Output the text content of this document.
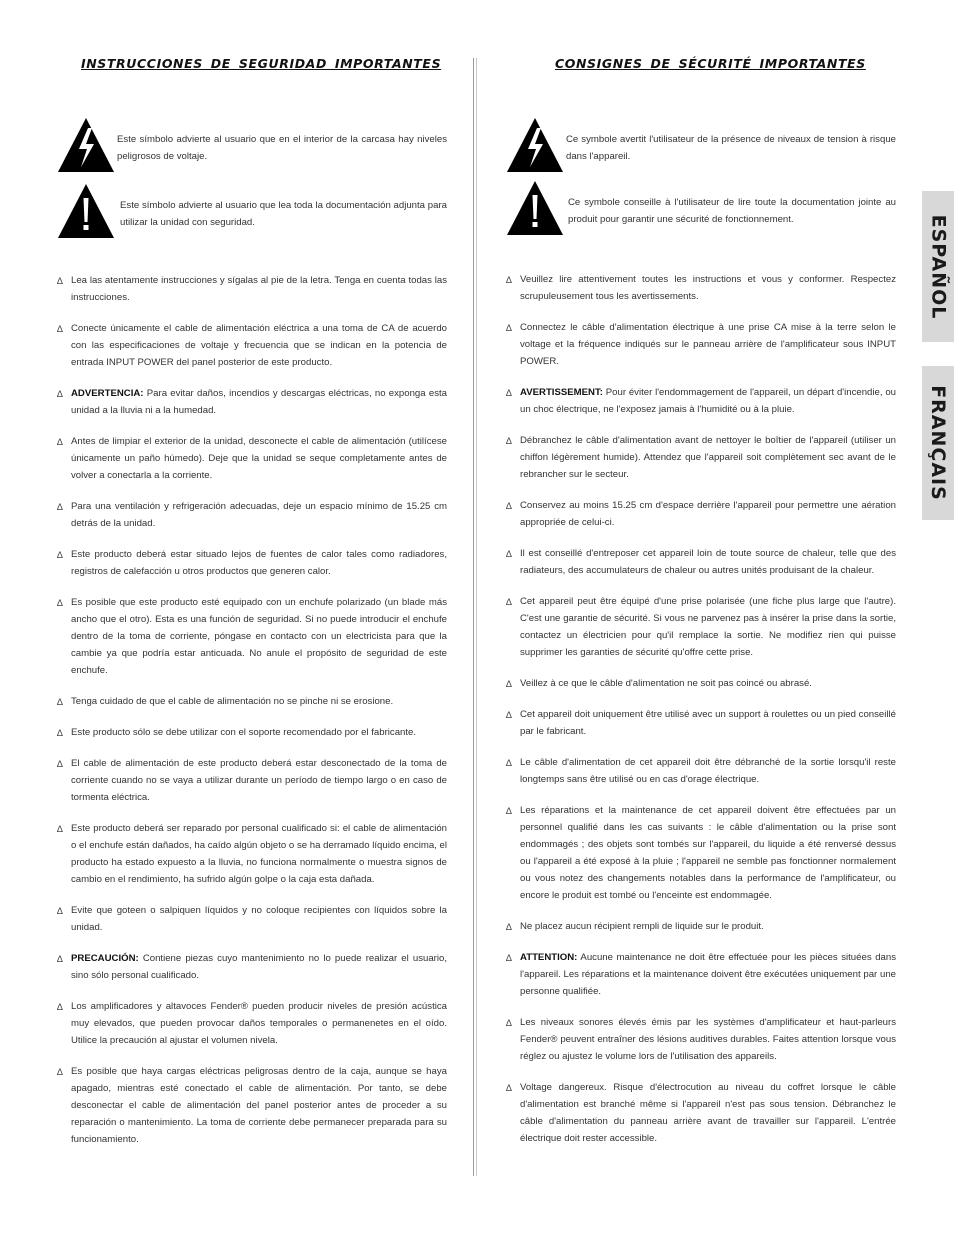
INSTRUCCIONES DE SEGURIDAD IMPORTANTES
Este símbolo advierte al usuario que en el interior de la carcasa hay niveles peligrosos de voltaje.
Este símbolo advierte al usuario que lea toda la documentación adjunta para utilizar la unidad con seguridad.
∆ Lea las atentamente instrucciones y sígalas al pie de la letra. Tenga en cuenta todas las instrucciones.
∆ Conecte únicamente el cable de alimentación eléctrica a una toma de CA de acuerdo con las especificaciones de voltaje y frecuencia que se indican en la potencia de entrada INPUT POWER del panel posterior de este producto.
∆ ADVERTENCIA: Para evitar daños, incendios y descargas eléctricas, no exponga esta unidad a la lluvia ni a la humedad.
∆ Antes de limpiar el exterior de la unidad, desconecte el cable de alimentación (utilícese únicamente un paño húmedo). Deje que la unidad se seque completamente antes de volver a conectarla a la corriente.
∆ Para una ventilación y refrigeración adecuadas, deje un espacio mínimo de 15.25 cm detrás de la unidad.
∆ Este producto deberá estar situado lejos de fuentes de calor tales como radiadores, registros de calefacción u otros productos que generen calor.
∆ Es posible que este producto esté equipado con un enchufe polarizado (un blade más ancho que el otro). Esta es una función de seguridad. Si no puede introducir el enchufe dentro de la toma de corriente, póngase en contacto con un electricista para que la cambie ya que podría estar anticuada. No anule el propósito de seguridad de este enchufe.
∆ Tenga cuidado de que el cable de alimentación no se pinche ni se erosione.
∆ Este producto sólo se debe utilizar con el soporte recomendado por el fabricante.
∆ El cable de alimentación de este producto deberá estar desconectado de la toma de corriente cuando no se vaya a utilizar durante un período de tiempo largo o en caso de tormenta eléctrica.
∆ Este producto deberá ser reparado por personal cualificado si: el cable de alimentación o el enchufe están dañados, ha caído algún objeto o se ha derramado líquido encima, el producto ha estado expuesto a la lluvia, no funciona normalmente o muestra signos de cambio en el rendimiento, ha sufrido algún golpe o la caja esta dañada.
∆ Evite que goteen o salpiquen líquidos y no coloque recipientes con líquidos sobre la unidad.
∆ PRECAUCIÓN: Contiene piezas cuyo mantenimiento no lo puede realizar el usuario, sino sólo personal cualificado.
∆ Los amplificadores y altavoces Fender® pueden producir niveles de presión acústica muy elevados, que pueden provocar daños temporales o permanenetes en el oído. Utilice la precaución al ajustar el volumen nivela.
∆ Es posible que haya cargas eléctricas peligrosas dentro de la caja, aunque se haya apagado, mientras esté conectado el cable de alimentación. Por tanto, se debe desconectar el cable de alimentación del panel posterior antes de proceder a su reparación o mantenimiento. La toma de corriente debe permanecer preparada para su funcionamiento.
CONSIGNES DE SÉCURITÉ IMPORTANTES
Ce symbole avertit l'utilisateur de la présence de niveaux de tension à risque dans l'appareil.
Ce symbole conseille à l'utilisateur de lire toute la documentation jointe au produit pour garantir une sécurité de fonctionnement.
∆ Veuillez lire attentivement toutes les instructions et vous y conformer. Respectez scrupuleusement tous les avertissements.
∆ Connectez le câble d'alimentation électrique à une prise CA mise à la terre selon le voltage et la fréquence indiqués sur le panneau arrière de l'amplificateur sous INPUT POWER.
∆ AVERTISSEMENT: Pour éviter l'endommagement de l'appareil, un départ d'incendie, ou un choc électrique, ne l'exposez jamais à l'humidité ou à la pluie.
∆ Débranchez le câble d'alimentation avant de nettoyer le boîtier de l'appareil (utiliser un chiffon légèrement humide). Attendez que l'appareil soit complètement sec avant de le rebrancher sur le secteur.
∆ Conservez au moins 15.25 cm d'espace derrière l'appareil pour permettre une aération appropriée de celui-ci.
∆ Il est conseillé d'entreposer cet appareil loin de toute source de chaleur, telle que des radiateurs, des accumulateurs de chaleur ou autres unités produisant de la chaleur.
∆ Cet appareil peut être équipé d'une prise polarisée (une fiche plus large que l'autre). C'est une garantie de sécurité. Si vous ne parvenez pas à insérer la prise dans la sortie, contactez un électricien pour qu'il remplace la sortie. Ne modifiez rien qui puisse supprimer les garanties de sécurité qu'offre cette prise.
∆ Veillez à ce que le câble d'alimentation ne soit pas coincé ou abrasé.
∆ Cet appareil doit uniquement être utilisé avec un support à roulettes ou un pied conseillé par le fabricant.
∆ Le câble d'alimentation de cet appareil doit être débranché de la sortie lorsqu'il reste longtemps sans être utilisé ou en cas d'orage électrique.
∆ Les réparations et la maintenance de cet appareil doivent être effectuées par un personnel qualifié dans les cas suivants : le câble d'alimentation ou la prise sont endommagés ; des objets sont tombés sur l'appareil, du liquide a été renversé dessus ou l'appareil a été exposé à la pluie ; l'appareil ne semble pas fonctionner normalement ou vous notez des changements notables dans la performance de l'amplificateur, ou encore le produit est tombé ou l'enceinte est endommagée.
∆ Ne placez aucun récipient rempli de liquide sur le produit.
∆ ATTENTION: Aucune maintenance ne doit être effectuée pour les pièces situées dans l'appareil. Les réparations et la maintenance doivent être exécutées uniquement par une personne qualifiée.
∆ Les niveaux sonores élevés émis par les systèmes d'amplificateur et haut-parleurs Fender® peuvent entraîner des lésions auditives durables. Faites attention lorsque vous réglez ou ajustez le volume lors de l'utilisation des appareils.
∆ Voltage dangereux. Risque d'électrocution au niveau du coffret lorsque le câble d'alimentation est branché même si l'appareil n'est pas sous tension. Débranchez le câble d'alimentation du panneau arrière avant de travailler sur l'appareil. L'entrée électrique doit rester accessible.
ESPAÑOL
FRANÇAIS
